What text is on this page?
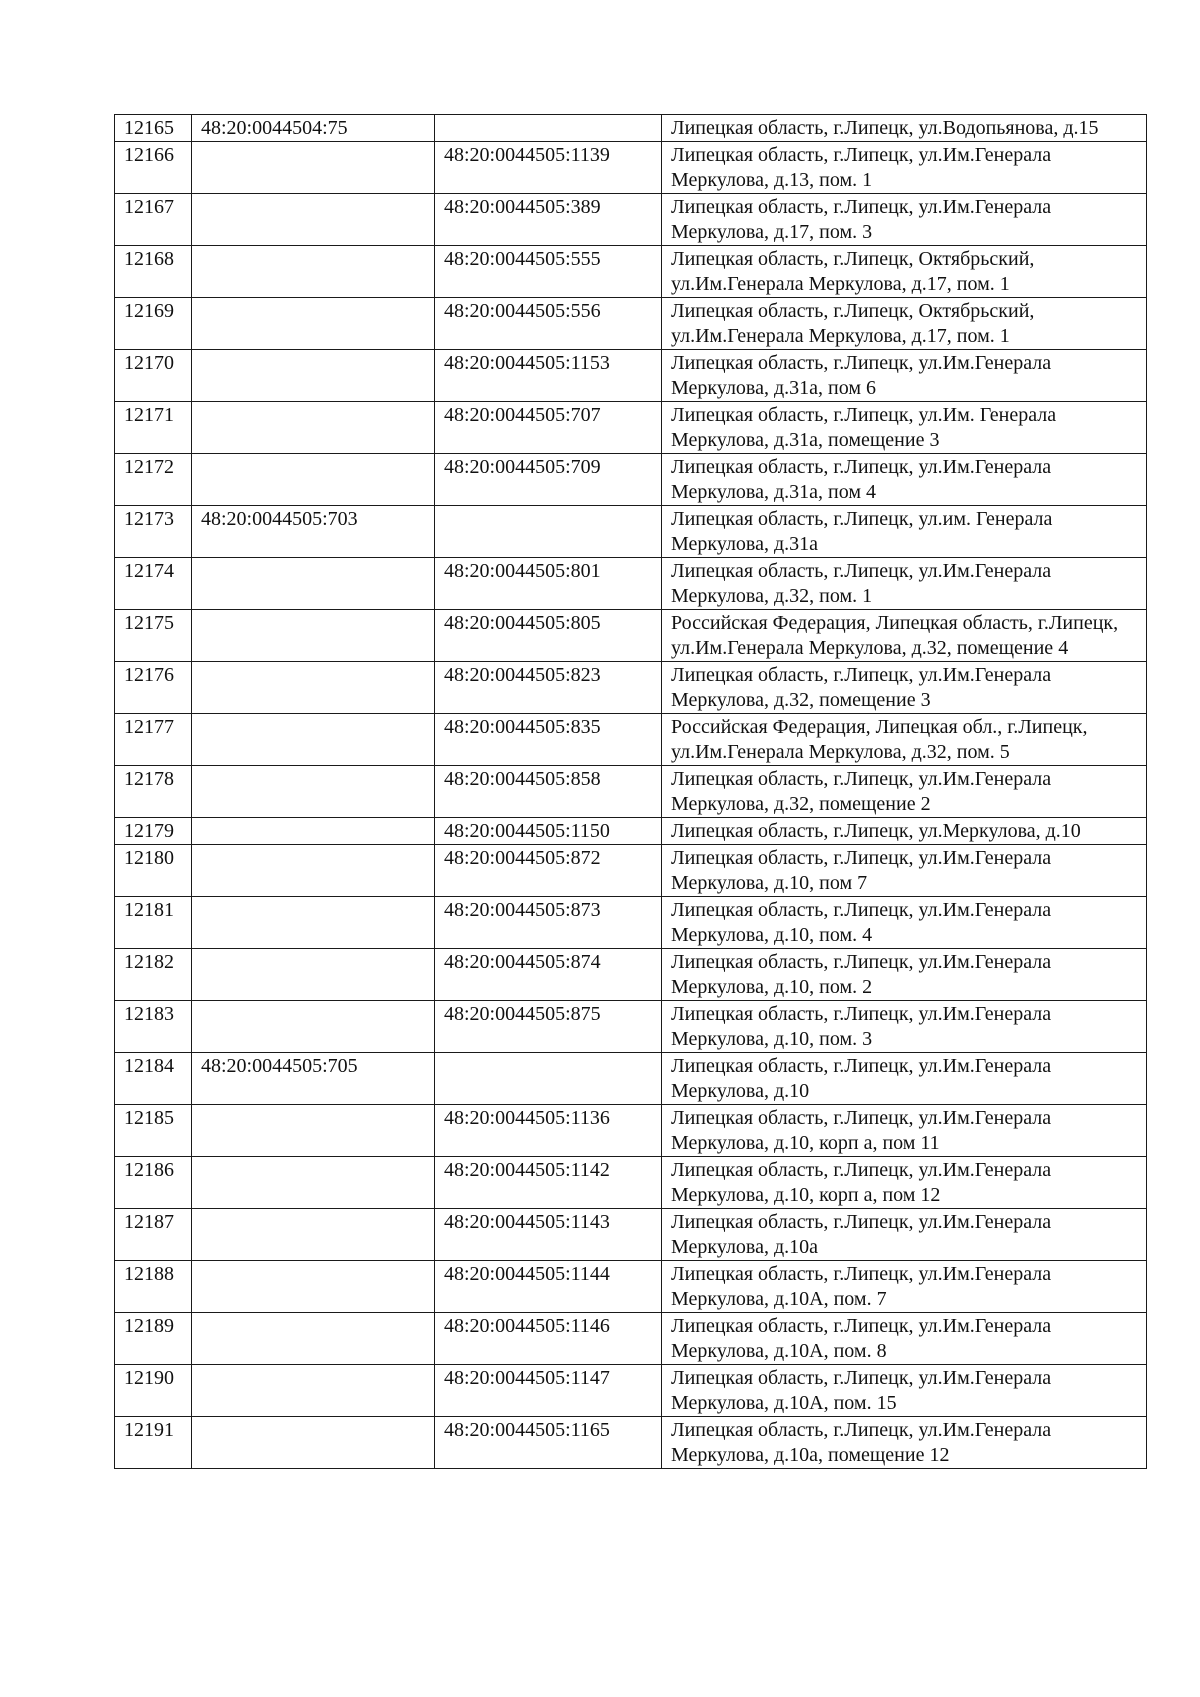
12165	48:20:0044504:75		Липецкая область, г.Липецк, ул.Водопьянова, д.15
12166		48:20:0044505:1139	Липецкая область, г.Липецк, ул.Им.Генерала Меркулова, д.13, пом. 1
12167		48:20:0044505:389	Липецкая область, г.Липецк, ул.Им.Генерала Меркулова, д.17, пом. 3
12168		48:20:0044505:555	Липецкая область, г.Липецк, Октябрьский, ул.Им.Генерала Меркулова, д.17, пом. 1
12169		48:20:0044505:556	Липецкая область, г.Липецк, Октябрьский, ул.Им.Генерала Меркулова, д.17, пом. 1
12170		48:20:0044505:1153	Липецкая область, г.Липецк, ул.Им.Генерала Меркулова, д.31а, пом 6
12171		48:20:0044505:707	Липецкая область, г.Липецк, ул.Им. Генерала Меркулова, д.31а, помещение 3
12172		48:20:0044505:709	Липецкая область, г.Липецк, ул.Им.Генерала Меркулова, д.31а, пом 4
12173	48:20:0044505:703		Липецкая область, г.Липецк, ул.им. Генерала Меркулова, д.31а
12174		48:20:0044505:801	Липецкая область, г.Липецк, ул.Им.Генерала Меркулова, д.32, пом. 1
12175		48:20:0044505:805	Российская Федерация, Липецкая область, г.Липецк, ул.Им.Генерала Меркулова, д.32, помещение 4
12176		48:20:0044505:823	Липецкая область, г.Липецк, ул.Им.Генерала Меркулова, д.32, помещение 3
12177		48:20:0044505:835	Российская Федерация, Липецкая обл., г.Липецк, ул.Им.Генерала Меркулова, д.32, пом. 5
12178		48:20:0044505:858	Липецкая область, г.Липецк, ул.Им.Генерала Меркулова, д.32, помещение 2
12179		48:20:0044505:1150	Липецкая область, г.Липецк, ул.Меркулова, д.10
12180		48:20:0044505:872	Липецкая область, г.Липецк, ул.Им.Генерала Меркулова, д.10, пом 7
12181		48:20:0044505:873	Липецкая область, г.Липецк, ул.Им.Генерала Меркулова, д.10, пом. 4
12182		48:20:0044505:874	Липецкая область, г.Липецк, ул.Им.Генерала Меркулова, д.10, пом. 2
12183		48:20:0044505:875	Липецкая область, г.Липецк, ул.Им.Генерала Меркулова, д.10, пом. 3
12184	48:20:0044505:705		Липецкая область, г.Липецк, ул.Им.Генерала Меркулова, д.10
12185		48:20:0044505:1136	Липецкая область, г.Липецк, ул.Им.Генерала Меркулова, д.10, корп а, пом 11
12186		48:20:0044505:1142	Липецкая область, г.Липецк, ул.Им.Генерала Меркулова, д.10, корп а, пом 12
12187		48:20:0044505:1143	Липецкая область, г.Липецк, ул.Им.Генерала Меркулова, д.10а
12188		48:20:0044505:1144	Липецкая область, г.Липецк, ул.Им.Генерала Меркулова, д.10А, пом. 7
12189		48:20:0044505:1146	Липецкая область, г.Липецк, ул.Им.Генерала Меркулова, д.10А, пом. 8
12190		48:20:0044505:1147	Липецкая область, г.Липецк, ул.Им.Генерала Меркулова, д.10А, пом. 15
12191		48:20:0044505:1165	Липецкая область, г.Липецк, ул.Им.Генерала Меркулова, д.10а, помещение 12
